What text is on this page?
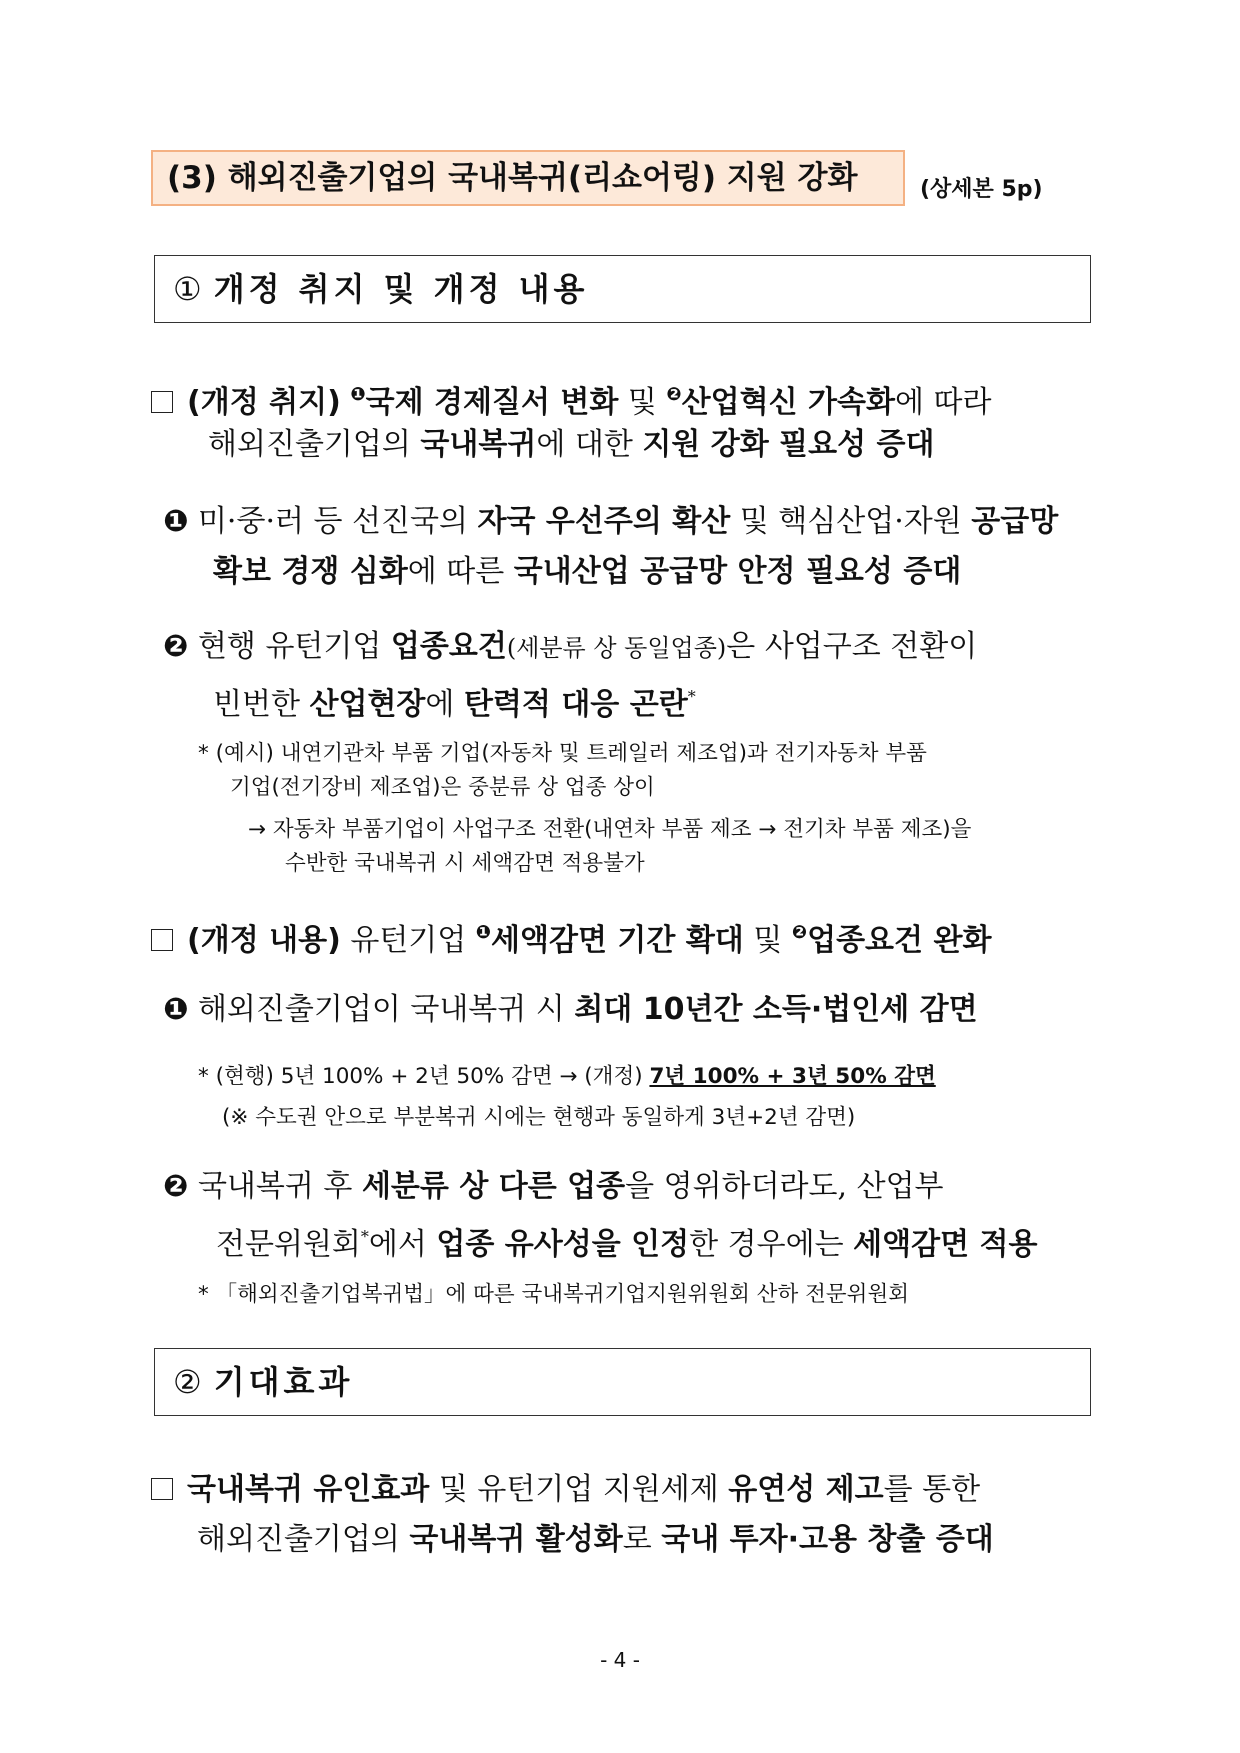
(3) 해외진출기업의 국내복귀(리쇼어링) 지원 강화	(상세본 5p)
① 개정 취지 및 개정 내용
(개정 취지) $^❶$국제 경제질서 변화 및 $^❷$산업혁신 가속화에 따라
해외진출기업의 국내복귀에 대한 지원 강화 필요성 증대
❶ 미·중·러 등 선진국의 자국 우선주의 확산 및 핵심산업·자원 공급망
확보 경쟁 심화에 따른 국내산업 공급망 안정 필요성 증대
❷ 현행 유턴기업 업종요건(세분류 상 동일업종)은 사업구조 전환이
빈번한 산업현장에 탄력적 대응 곤란*
* (예시) 내연기관차 부품 기업(자동차 및 트레일러 제조업)과 전기자동차 부품
기업(전기장비 제조업)은 중분류 상 업종 상이
→ 자동차 부품기업이 사업구조 전환(내연차 부품 제조 → 전기차 부품 제조)을
수반한 국내복귀 시 세액감면 적용불가
(개정 내용) 유턴기업 $^❶$세액감면 기간 확대 및 $^❷$업종요건 완화
❶ 해외진출기업이 국내복귀 시 최대 10년간 소득·법인세 감면
* (현행) 5년 100% + 2년 50% 감면 → (개정) 7년 100% + 3년 50% 감면
(※ 수도권 안으로 부분복귀 시에는 현행과 동일하게 3년+2년 감면)
❷ 국내복귀 후 세분류 상 다른 업종을 영위하더라도, 산업부
전문위원회*에서 업종 유사성을 인정한 경우에는 세액감면 적용
* 「해외진출기업복귀법」에 따른 국내복귀기업지원위원회 산하 전문위원회
② 기대효과
국내복귀 유인효과 및 유턴기업 지원세제 유연성 제고를 통한
해외진출기업의 국내복귀 활성화로 국내 투자·고용 창출 증대
- 4 -
